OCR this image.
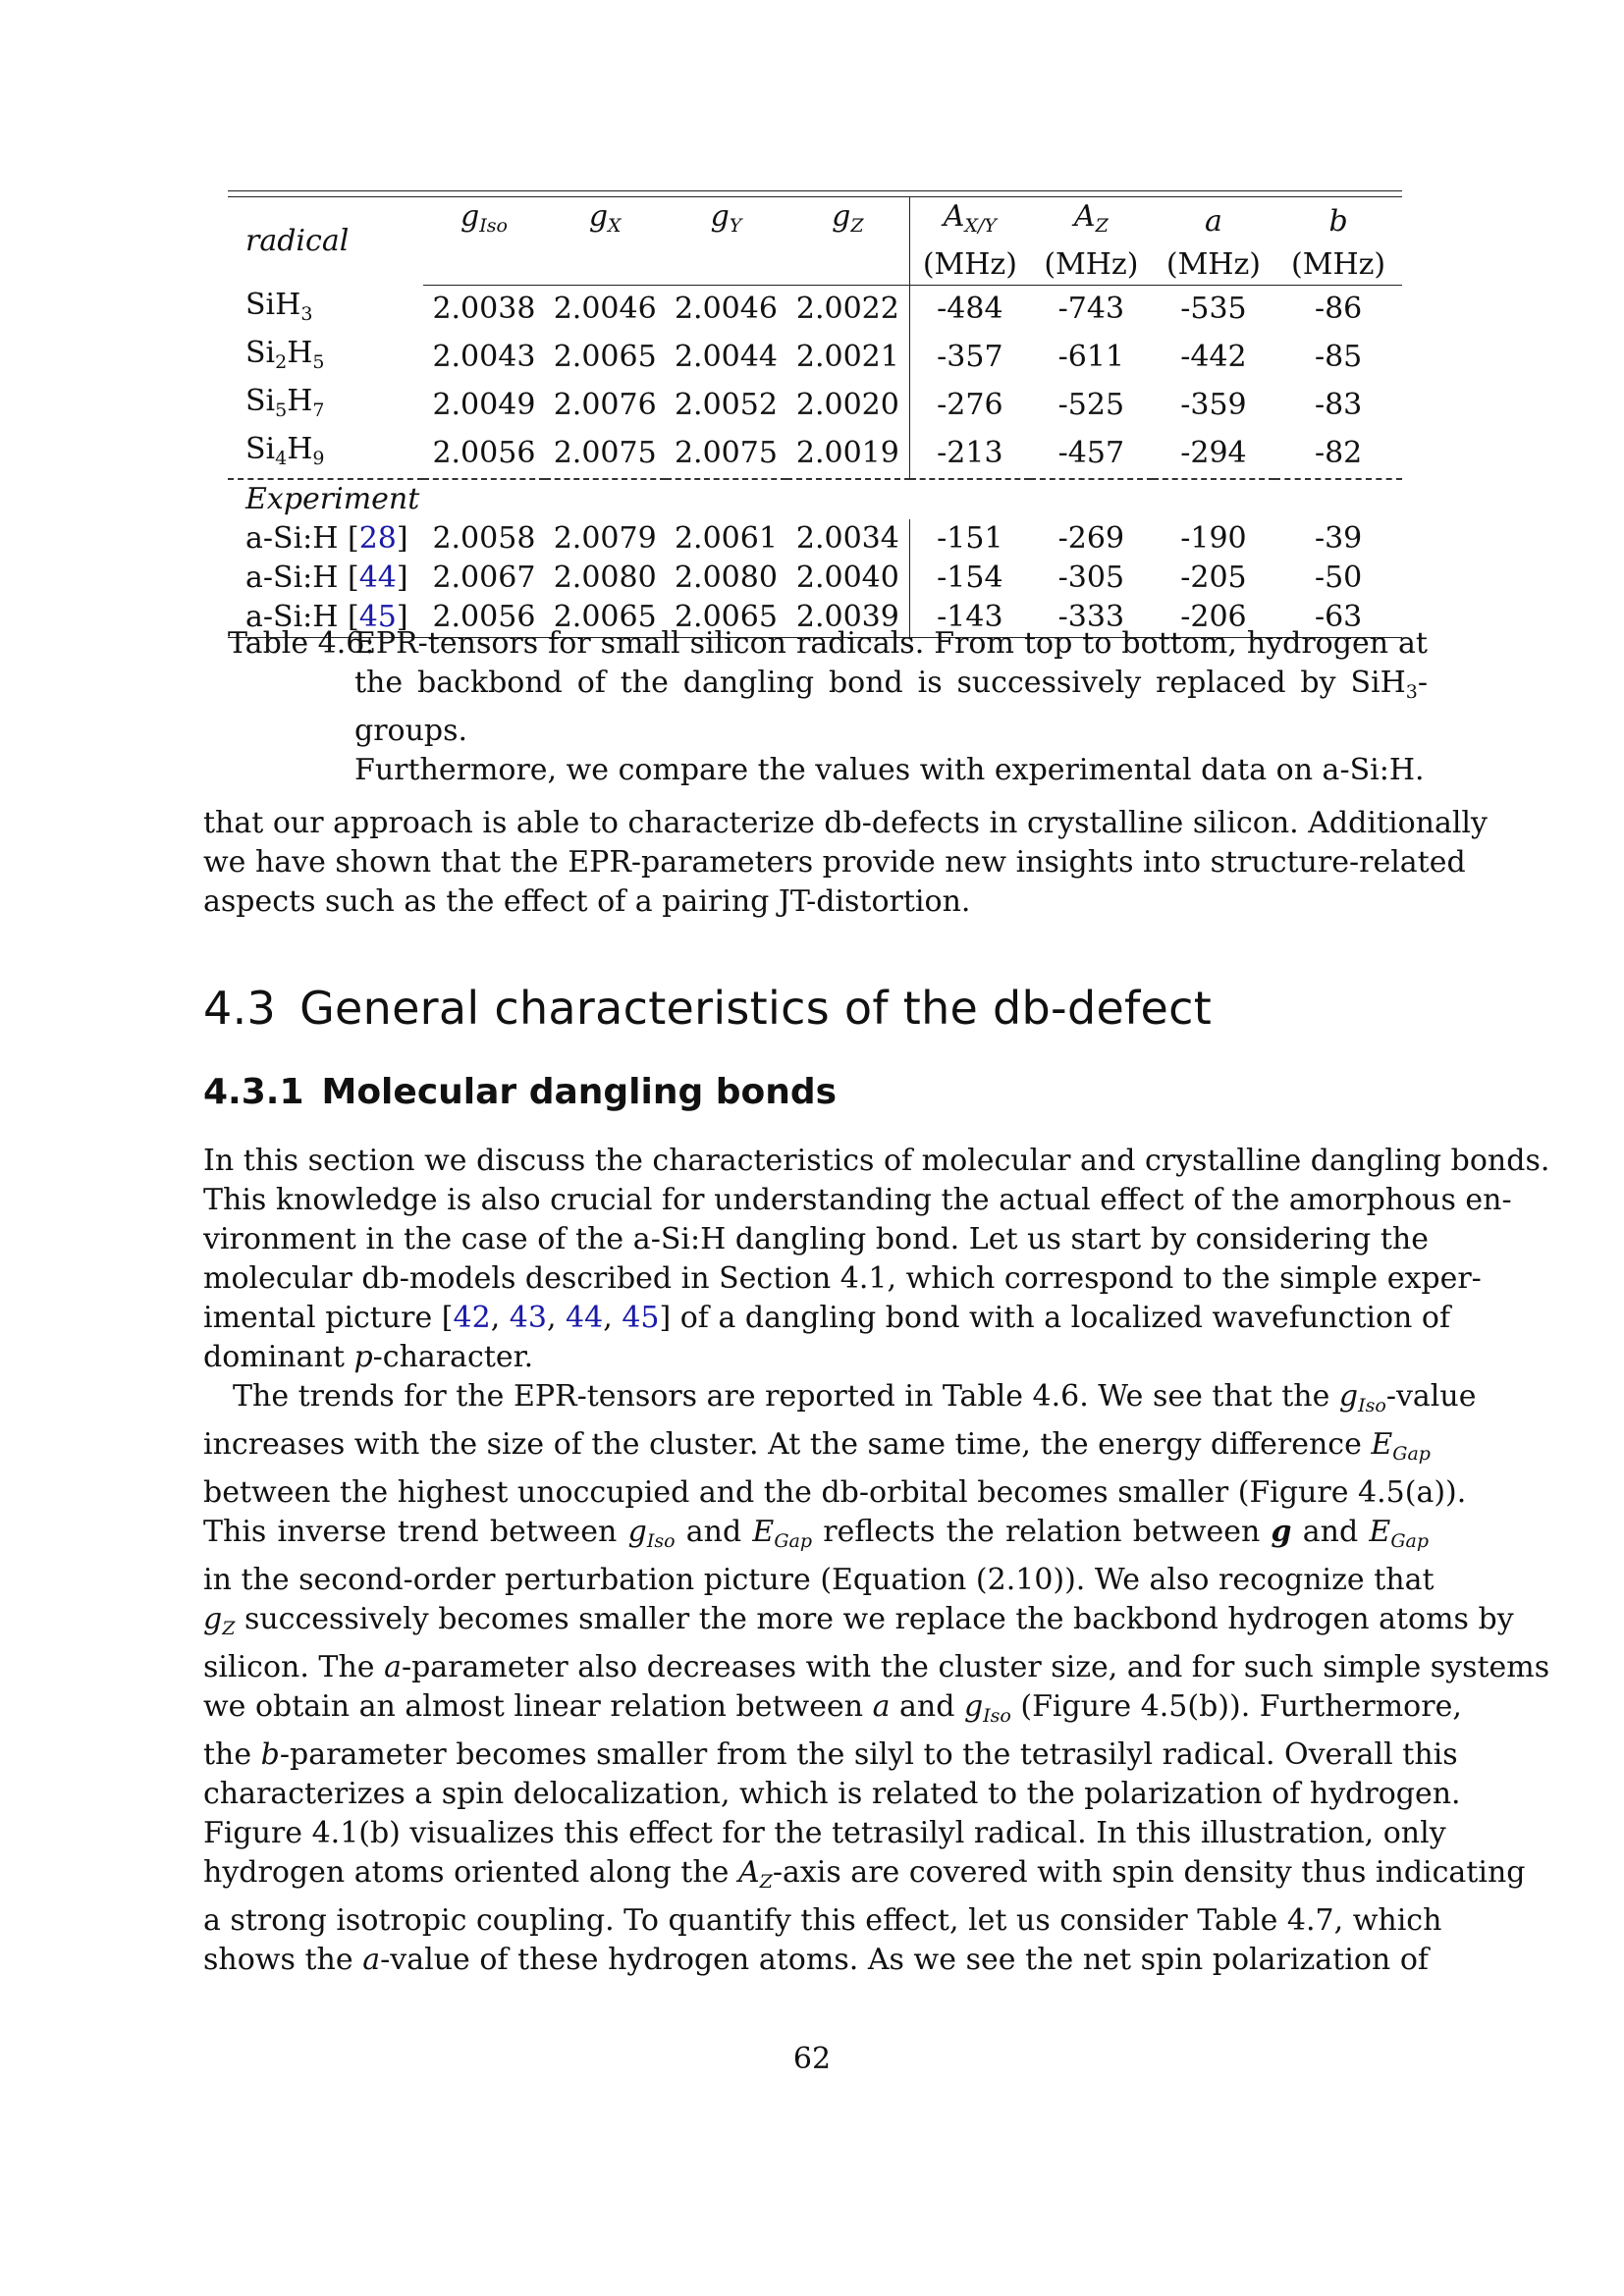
radical	$g_{Iso}$	$g_X$	$g_Y$	$g_Z$	$A_{X/Y}$	$A_Z$	a	b
					(MHz)	(MHz)	(MHz)	(MHz)
SiH$_3$	2.0038	2.0046	2.0046	2.0022	-484	-743	-535	-86
$Si_2H_5$	2.0043	2.0065	2.0044	2.0021	-357	-611	-442	-85
$Si_5H_7$	2.0049	2.0076	2.0052	2.0020	-276	-525	-359	-83
$Si_4H_9$	2.0056	2.0075	2.0075	2.0019	-213	-457	-294	-82
Experiment								
a-Si:H [28]	2.0058	2.0079	2.0061	2.0034	-151	-269	-190	-39
a-Si:H [44]	2.0067	2.0080	2.0080	2.0040	-154	-305	-205	-50
a-Si:H [45]	2.0056	2.0065	2.0065	2.0039	-143	-333	-206	-63
Table 4.6:

EPR-tensors for small silicon radicals. From top to bottom, hydrogen at

the backbond of the dangling bond is successively replaced by SiH$_3$-groups.

Furthermore, we compare the values with experimental data on a-Si:H.

that our approach is able to characterize db-defects in crystalline silicon. Additionally

we have shown that the EPR-parameters provide new insights into structure-related

aspects such as the effect of a pairing JT-distortion.

4.3 General characteristics of the db-defect
4.3.1 Molecular dangling bonds

In this section we discuss the characteristics of molecular and crystalline dangling bonds.

This knowledge is also crucial for understanding the actual effect of the amorphous en-

vironment in the case of the a-Si:H dangling bond. Let us start by considering the

molecular db-models described in Section 4.1, which correspond to the simple exper-

imental picture [42, 43, 44, 45] of a dangling bond with a localized wavefunction of

dominant p-character.

The trends for the EPR-tensors are reported in Table 4.6. We see that the $g_{Iso}$-value

increases with the size of the cluster. At the same time, the energy difference $E_{Gap}$

between the highest unoccupied and the db-orbital becomes smaller (Figure 4.5(a)).

This inverse trend between $g_{Iso}$ and $E_{Gap}$ reflects the relation between g and $E_{Gap}$

in the second-order perturbation picture (Equation (2.10)). We also recognize that

$g_Z$ successively becomes smaller the more we replace the backbond hydrogen atoms by

silicon. The a-parameter also decreases with the cluster size, and for such simple systems

we obtain an almost linear relation between a and $g_{Iso}$ (Figure 4.5(b)). Furthermore,

the b-parameter becomes smaller from the silyl to the tetrasilyl radical. Overall this

characterizes a spin delocalization, which is related to the polarization of hydrogen.

Figure 4.1(b) visualizes this effect for the tetrasilyl radical. In this illustration, only

hydrogen atoms oriented along the $A_Z$-axis are covered with spin density thus indicating

a strong isotropic coupling. To quantify this effect, let us consider Table 4.7, which

shows the a-value of these hydrogen atoms. As we see the net spin polarization of

62
